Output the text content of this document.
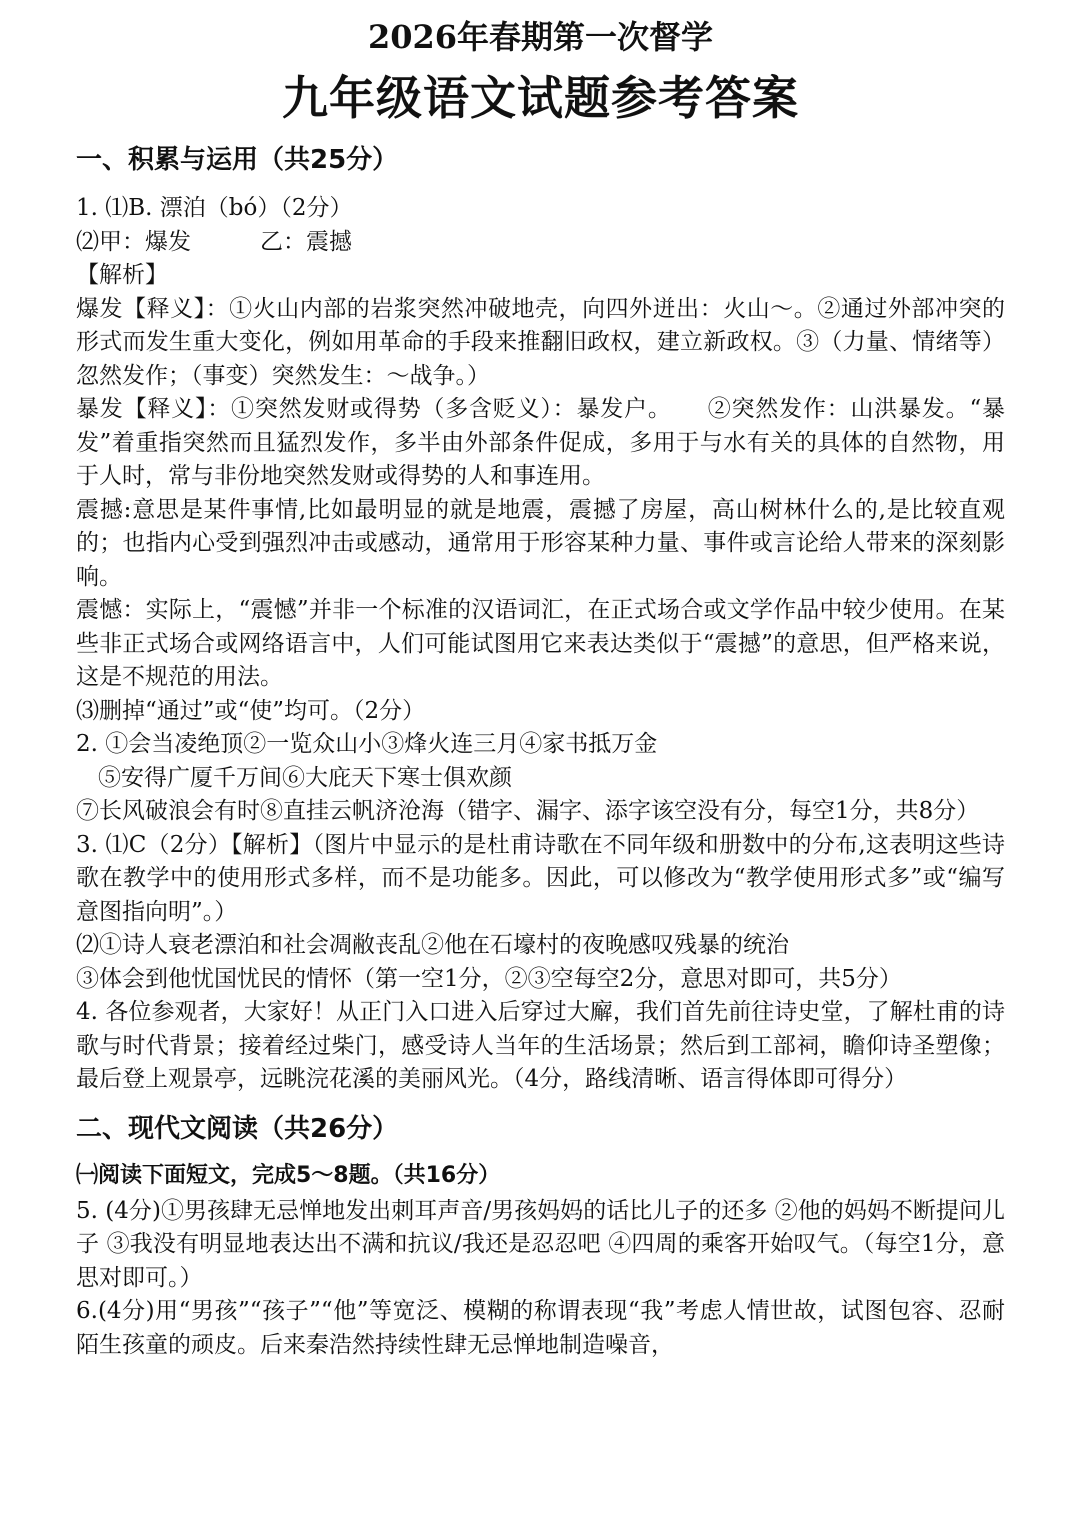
2026年春期第一次督学
九年级语文试题参考答案
一、积累与运用（共25分）

1. ⑴B. 漂泊（bó）（2分）

⑵甲：爆发　　　乙：震撼

【解析】

爆发【释义】：①火山内部的岩浆突然冲破地壳，向四外迸出：火山～。②通过外部冲突的形式而发生重大变化，例如用革命的手段来推翻旧政权，建立新政权。③（力量、情绪等）忽然发作；（事变）突然发生：～战争。）

暴发【释义】：①突然发财或得势（多含贬义）：暴发户。　　②突然发作：山洪暴发。“暴发”着重指突然而且猛烈发作，多半由外部条件促成，多用于与水有关的具体的自然物，用于人时，常与非份地突然发财或得势的人和事连用。

震撼:意思是某件事情,比如最明显的就是地震，震撼了房屋，高山树林什么的,是比较直观的；也指内心受到强烈冲击或感动，通常用于形容某种力量、事件或言论给人带来的深刻影响。

震憾：实际上，“震憾”并非一个标准的汉语词汇，在正式场合或文学作品中较少使用。在某些非正式场合或网络语言中，人们可能试图用它来表达类似于“震撼”的意思，但严格来说，这是不规范的用法。

⑶删掉“通过”或“使”均可。（2分）

2. ①会当凌绝顶②一览众山小③烽火连三月④家书抵万金

⑤安得广厦千万间⑥大庇天下寒士俱欢颜

⑦长风破浪会有时⑧直挂云帆济沧海（错字、漏字、添字该空没有分，每空1分，共8分）

3. ⑴C（2分）【解析】（图片中显示的是杜甫诗歌在不同年级和册数中的分布,这表明这些诗歌在教学中的使用形式多样，而不是功能多。因此，可以修改为“教学使用形式多”或“编写意图指向明”。）

⑵①诗人衰老漂泊和社会凋敝丧乱②他在石壕村的夜晚感叹残暴的统治

③体会到他忧国忧民的情怀（第一空1分，②③空每空2分，意思对即可，共5分）

4. 各位参观者，大家好！从正门入口进入后穿过大廨，我们首先前往诗史堂，了解杜甫的诗歌与时代背景；接着经过柴门，感受诗人当年的生活场景；然后到工部祠，瞻仰诗圣塑像；最后登上观景亭，远眺浣花溪的美丽风光。（4分，路线清晰、语言得体即可得分）

二、现代文阅读（共26分）
㈠阅读下面短文，完成5～8题。（共16分）

5. (4分)①男孩肆无忌惮地发出刺耳声音/男孩妈妈的话比儿子的还多 ②他的妈妈不断提问儿子 ③我没有明显地表达出不满和抗议/我还是忍忍吧 ④四周的乘客开始叹气。（每空1分，意思对即可。）

6.(4分)用“男孩”“孩子”“他”等宽泛、模糊的称谓表现“我”考虑人情世故，试图包容、忍耐陌生孩童的顽皮。后来秦浩然持续性肆无忌惮地制造噪音，
